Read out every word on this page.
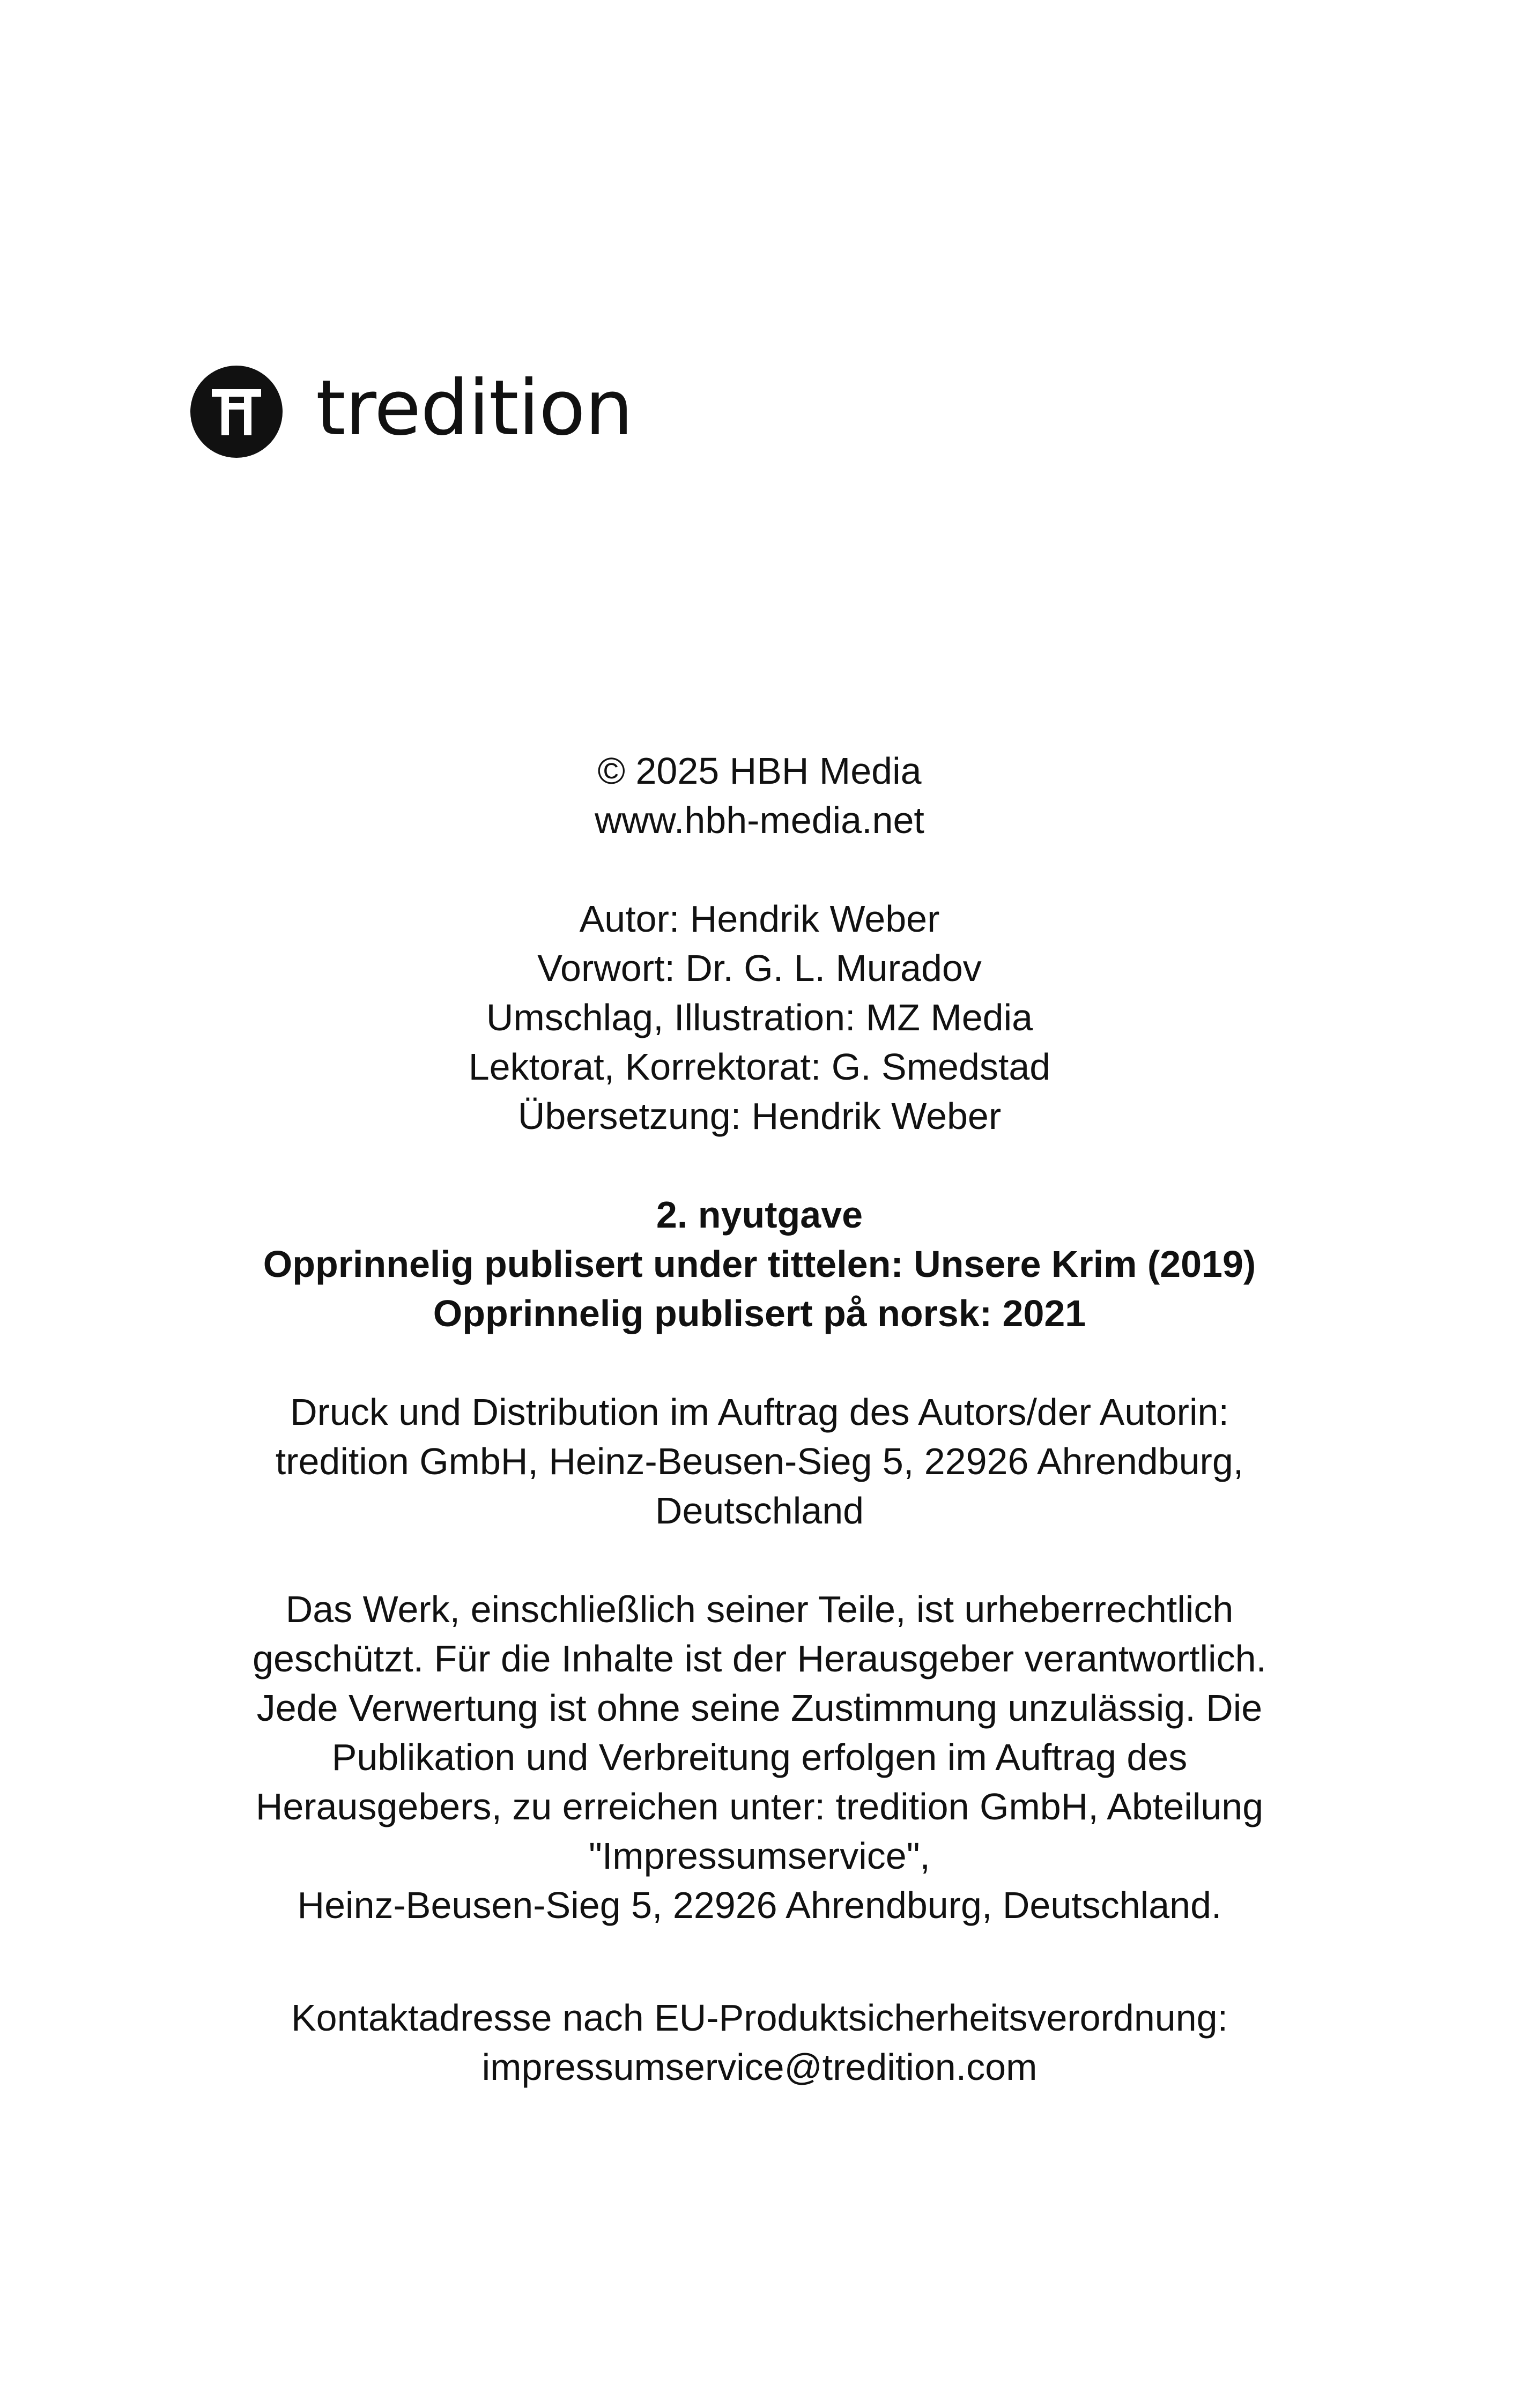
tredition
© 2025 HBH Media
www.hbh-media.net
Autor: Hendrik Weber
Vorwort: Dr. G. L. Muradov
Umschlag, Illustration: MZ Media
Lektorat, Korrektorat: G. Smedstad
Übersetzung: Hendrik Weber
2. nyutgave
Opprinnelig publisert under tittelen: Unsere Krim (2019)
Opprinnelig publisert på norsk: 2021
Druck und Distribution im Auftrag des Autors/der Autorin:
tredition GmbH, Heinz-Beusen-Sieg 5, 22926 Ahrendburg,
Deutschland
Das Werk, einschließlich seiner Teile, ist urheberrechtlich
geschützt. Für die Inhalte ist der Herausgeber verantwortlich.
Jede Verwertung ist ohne seine Zustimmung unzulässig. Die
Publikation und Verbreitung erfolgen im Auftrag des
Herausgebers, zu erreichen unter: tredition GmbH, Abteilung
"Impressumservice",
Heinz-Beusen-Sieg 5, 22926 Ahrendburg, Deutschland.
Kontaktadresse nach EU-Produktsicherheitsverordnung:
impressumservice@tredition.com
